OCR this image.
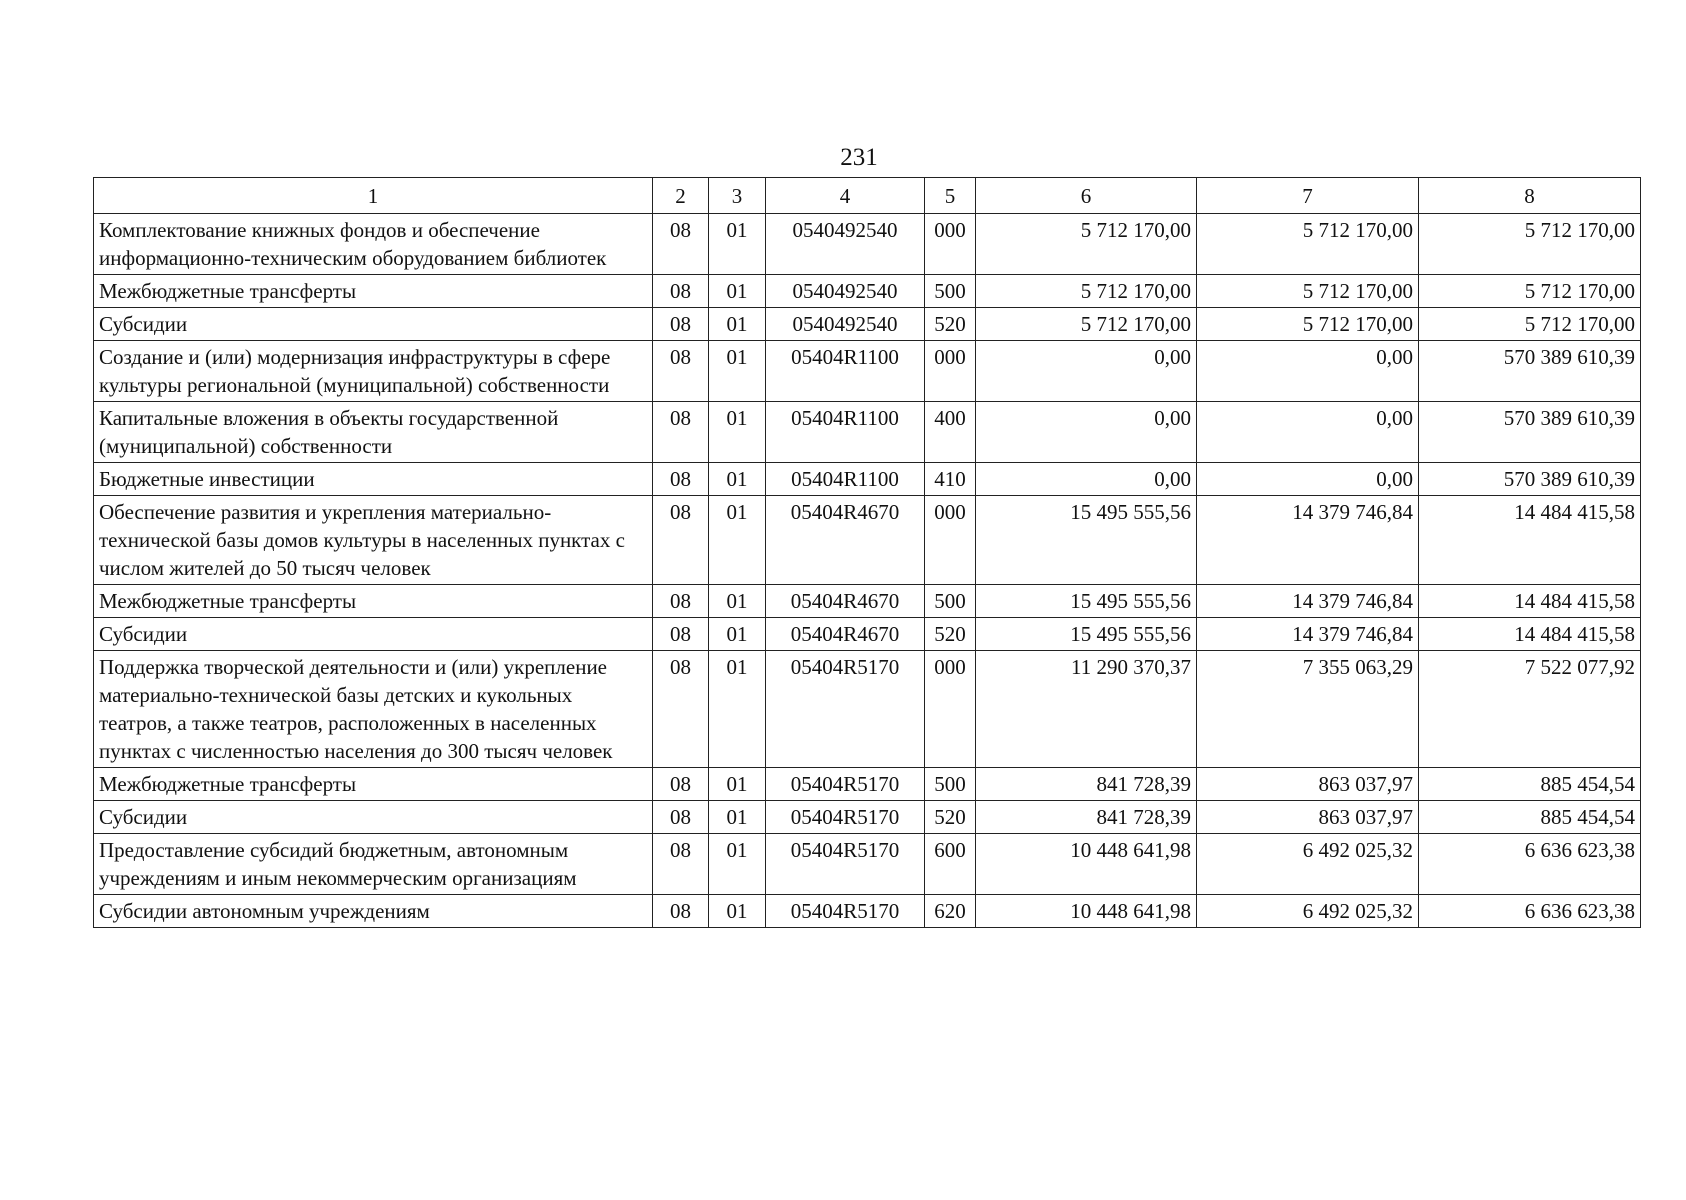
231
1	2	3	4	5	6	7	8
Комплектование книжных фондов и обеспечение информационно-техническим оборудованием библиотек	08	01	0540492540	000	5 712 170,00	5 712 170,00	5 712 170,00
Межбюджетные трансферты	08	01	0540492540	500	5 712 170,00	5 712 170,00	5 712 170,00
Субсидии	08	01	0540492540	520	5 712 170,00	5 712 170,00	5 712 170,00
Создание и (или) модернизация инфраструктуры в сфере культуры региональной (муниципальной) собственности	08	01	05404R1100	000	0,00	0,00	570 389 610,39
Капитальные вложения в объекты государственной (муниципальной) собственности	08	01	05404R1100	400	0,00	0,00	570 389 610,39
Бюджетные инвестиции	08	01	05404R1100	410	0,00	0,00	570 389 610,39
Обеспечение развития и укрепления материально-технической базы домов культуры в населенных пунктах с числом жителей до 50 тысяч человек	08	01	05404R4670	000	15 495 555,56	14 379 746,84	14 484 415,58
Межбюджетные трансферты	08	01	05404R4670	500	15 495 555,56	14 379 746,84	14 484 415,58
Субсидии	08	01	05404R4670	520	15 495 555,56	14 379 746,84	14 484 415,58
Поддержка творческой деятельности и (или) укрепление материально-технической базы детских и кукольных театров, а также театров, расположенных в населенных пунктах с численностью населения до 300 тысяч человек	08	01	05404R5170	000	11 290 370,37	7 355 063,29	7 522 077,92
Межбюджетные трансферты	08	01	05404R5170	500	841 728,39	863 037,97	885 454,54
Субсидии	08	01	05404R5170	520	841 728,39	863 037,97	885 454,54
Предоставление субсидий бюджетным, автономным учреждениям и иным некоммерческим организациям	08	01	05404R5170	600	10 448 641,98	6 492 025,32	6 636 623,38
Субсидии автономным учреждениям	08	01	05404R5170	620	10 448 641,98	6 492 025,32	6 636 623,38
